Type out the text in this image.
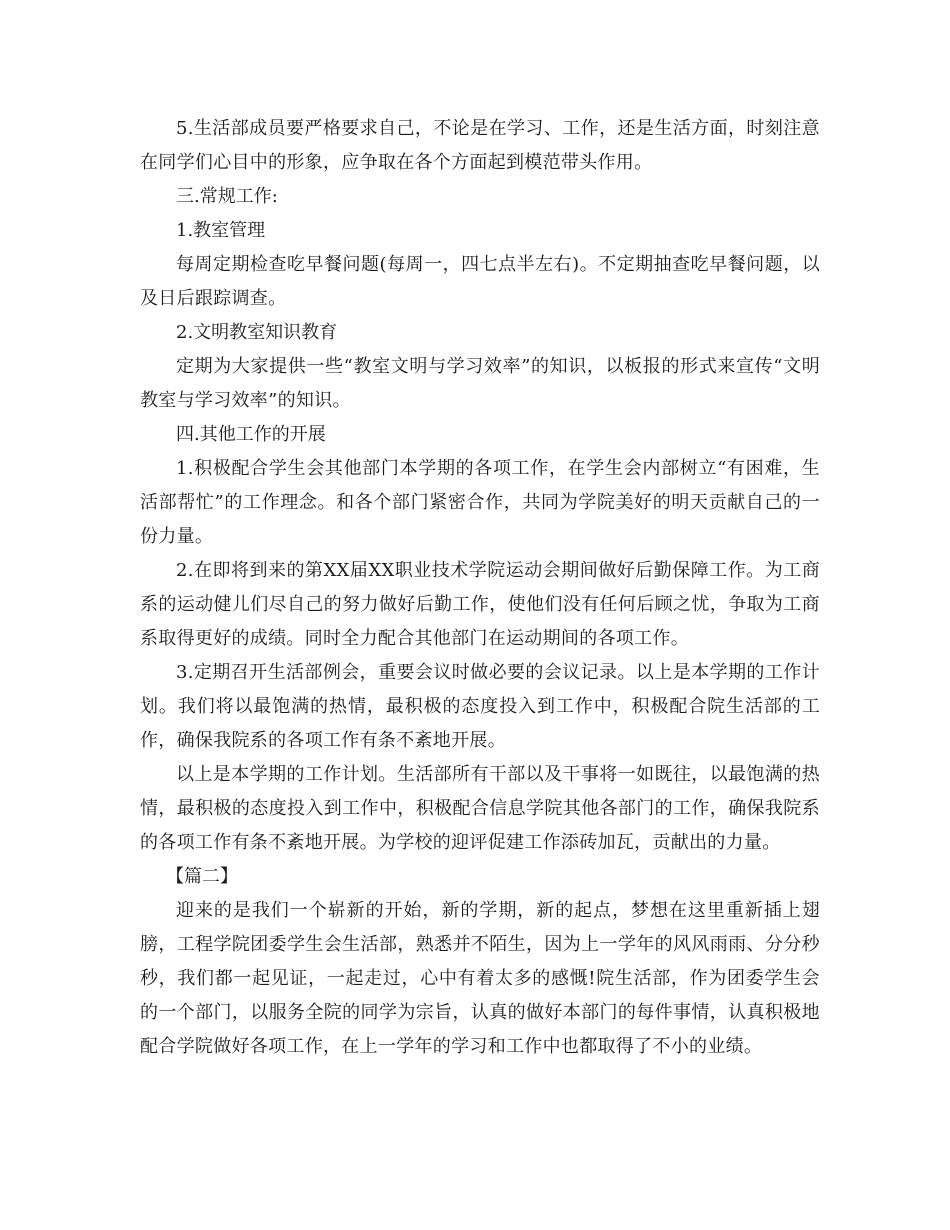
5.生活部成员要严格要求自己，不论是在学习、工作，还是生活方面，时刻注意在同学们心目中的形象，应争取在各个方面起到模范带头作用。

三.常规工作:

1.教室管理

每周定期检查吃早餐问题(每周一，四七点半左右)。不定期抽查吃早餐问题，以及日后跟踪调查。

2.文明教室知识教育

定期为大家提供一些“教室文明与学习效率”的知识，以板报的形式来宣传“文明教室与学习效率”的知识。

四.其他工作的开展

1.积极配合学生会其他部门本学期的各项工作，在学生会内部树立“有困难，生活部帮忙”的工作理念。和各个部门紧密合作，共同为学院美好的明天贡献自己的一份力量。

2.在即将到来的第XX届XX职业技术学院运动会期间做好后勤保障工作。为工商系的运动健儿们尽自己的努力做好后勤工作，使他们没有任何后顾之忧，争取为工商系取得更好的成绩。同时全力配合其他部门在运动期间的各项工作。

3.定期召开生活部例会，重要会议时做必要的会议记录。以上是本学期的工作计划。我们将以最饱满的热情，最积极的态度投入到工作中，积极配合院生活部的工作，确保我院系的各项工作有条不紊地开展。

以上是本学期的工作计划。生活部所有干部以及干事将一如既往，以最饱满的热情，最积极的态度投入到工作中，积极配合信息学院其他各部门的工作，确保我院系的各项工作有条不紊地开展。为学校的迎评促建工作添砖加瓦，贡献出的力量。

【篇二】

迎来的是我们一个崭新的开始，新的学期，新的起点，梦想在这里重新插上翅膀，工程学院团委学生会生活部，熟悉并不陌生，因为上一学年的风风雨雨、分分秒秒，我们都一起见证，一起走过，心中有着太多的感慨!院生活部，作为团委学生会的一个部门，以服务全院的同学为宗旨，认真的做好本部门的每件事情，认真积极地配合学院做好各项工作，在上一学年的学习和工作中也都取得了不小的业绩。
